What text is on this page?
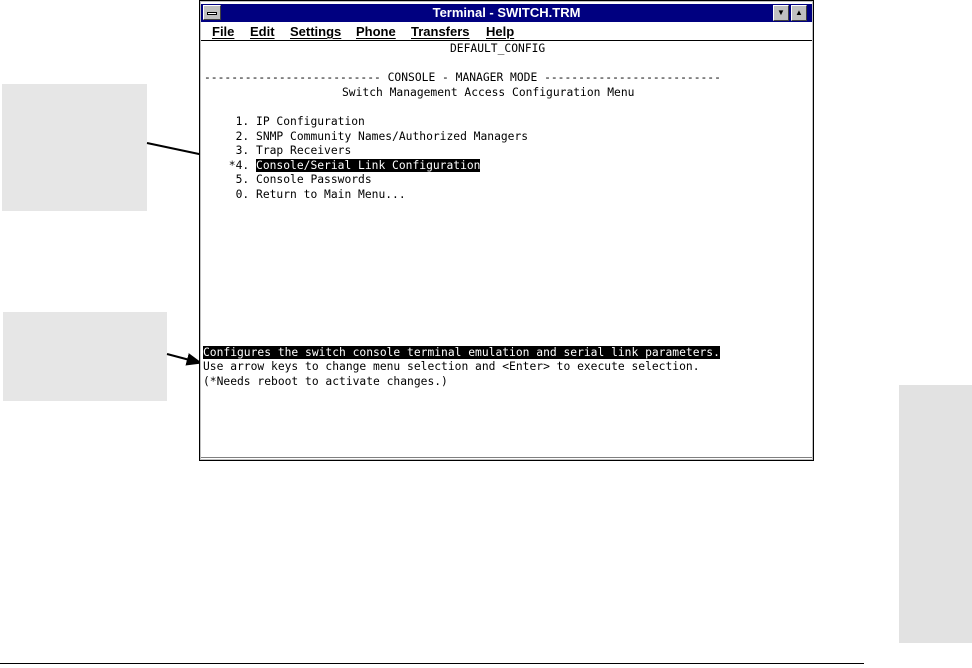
Terminal - SWITCH.TRM	▼	▲
File Edit Settings Phone Transfers Help

DEFAULT_CONFIG

-------------------------- CONSOLE - MANAGER MODE --------------------------

Switch Management Access Configuration Menu

1. IP Configuration
2. SNMP Community Names/Authorized Managers
3. Trap Receivers
*4. Console/Serial Link Configuration
5. Console Passwords
0. Return to Main Menu...

Configures the switch console terminal emulation and serial link parameters.

Use arrow keys to change menu selection and <Enter> to execute selection.

(*Needs reboot to activate changes.)
